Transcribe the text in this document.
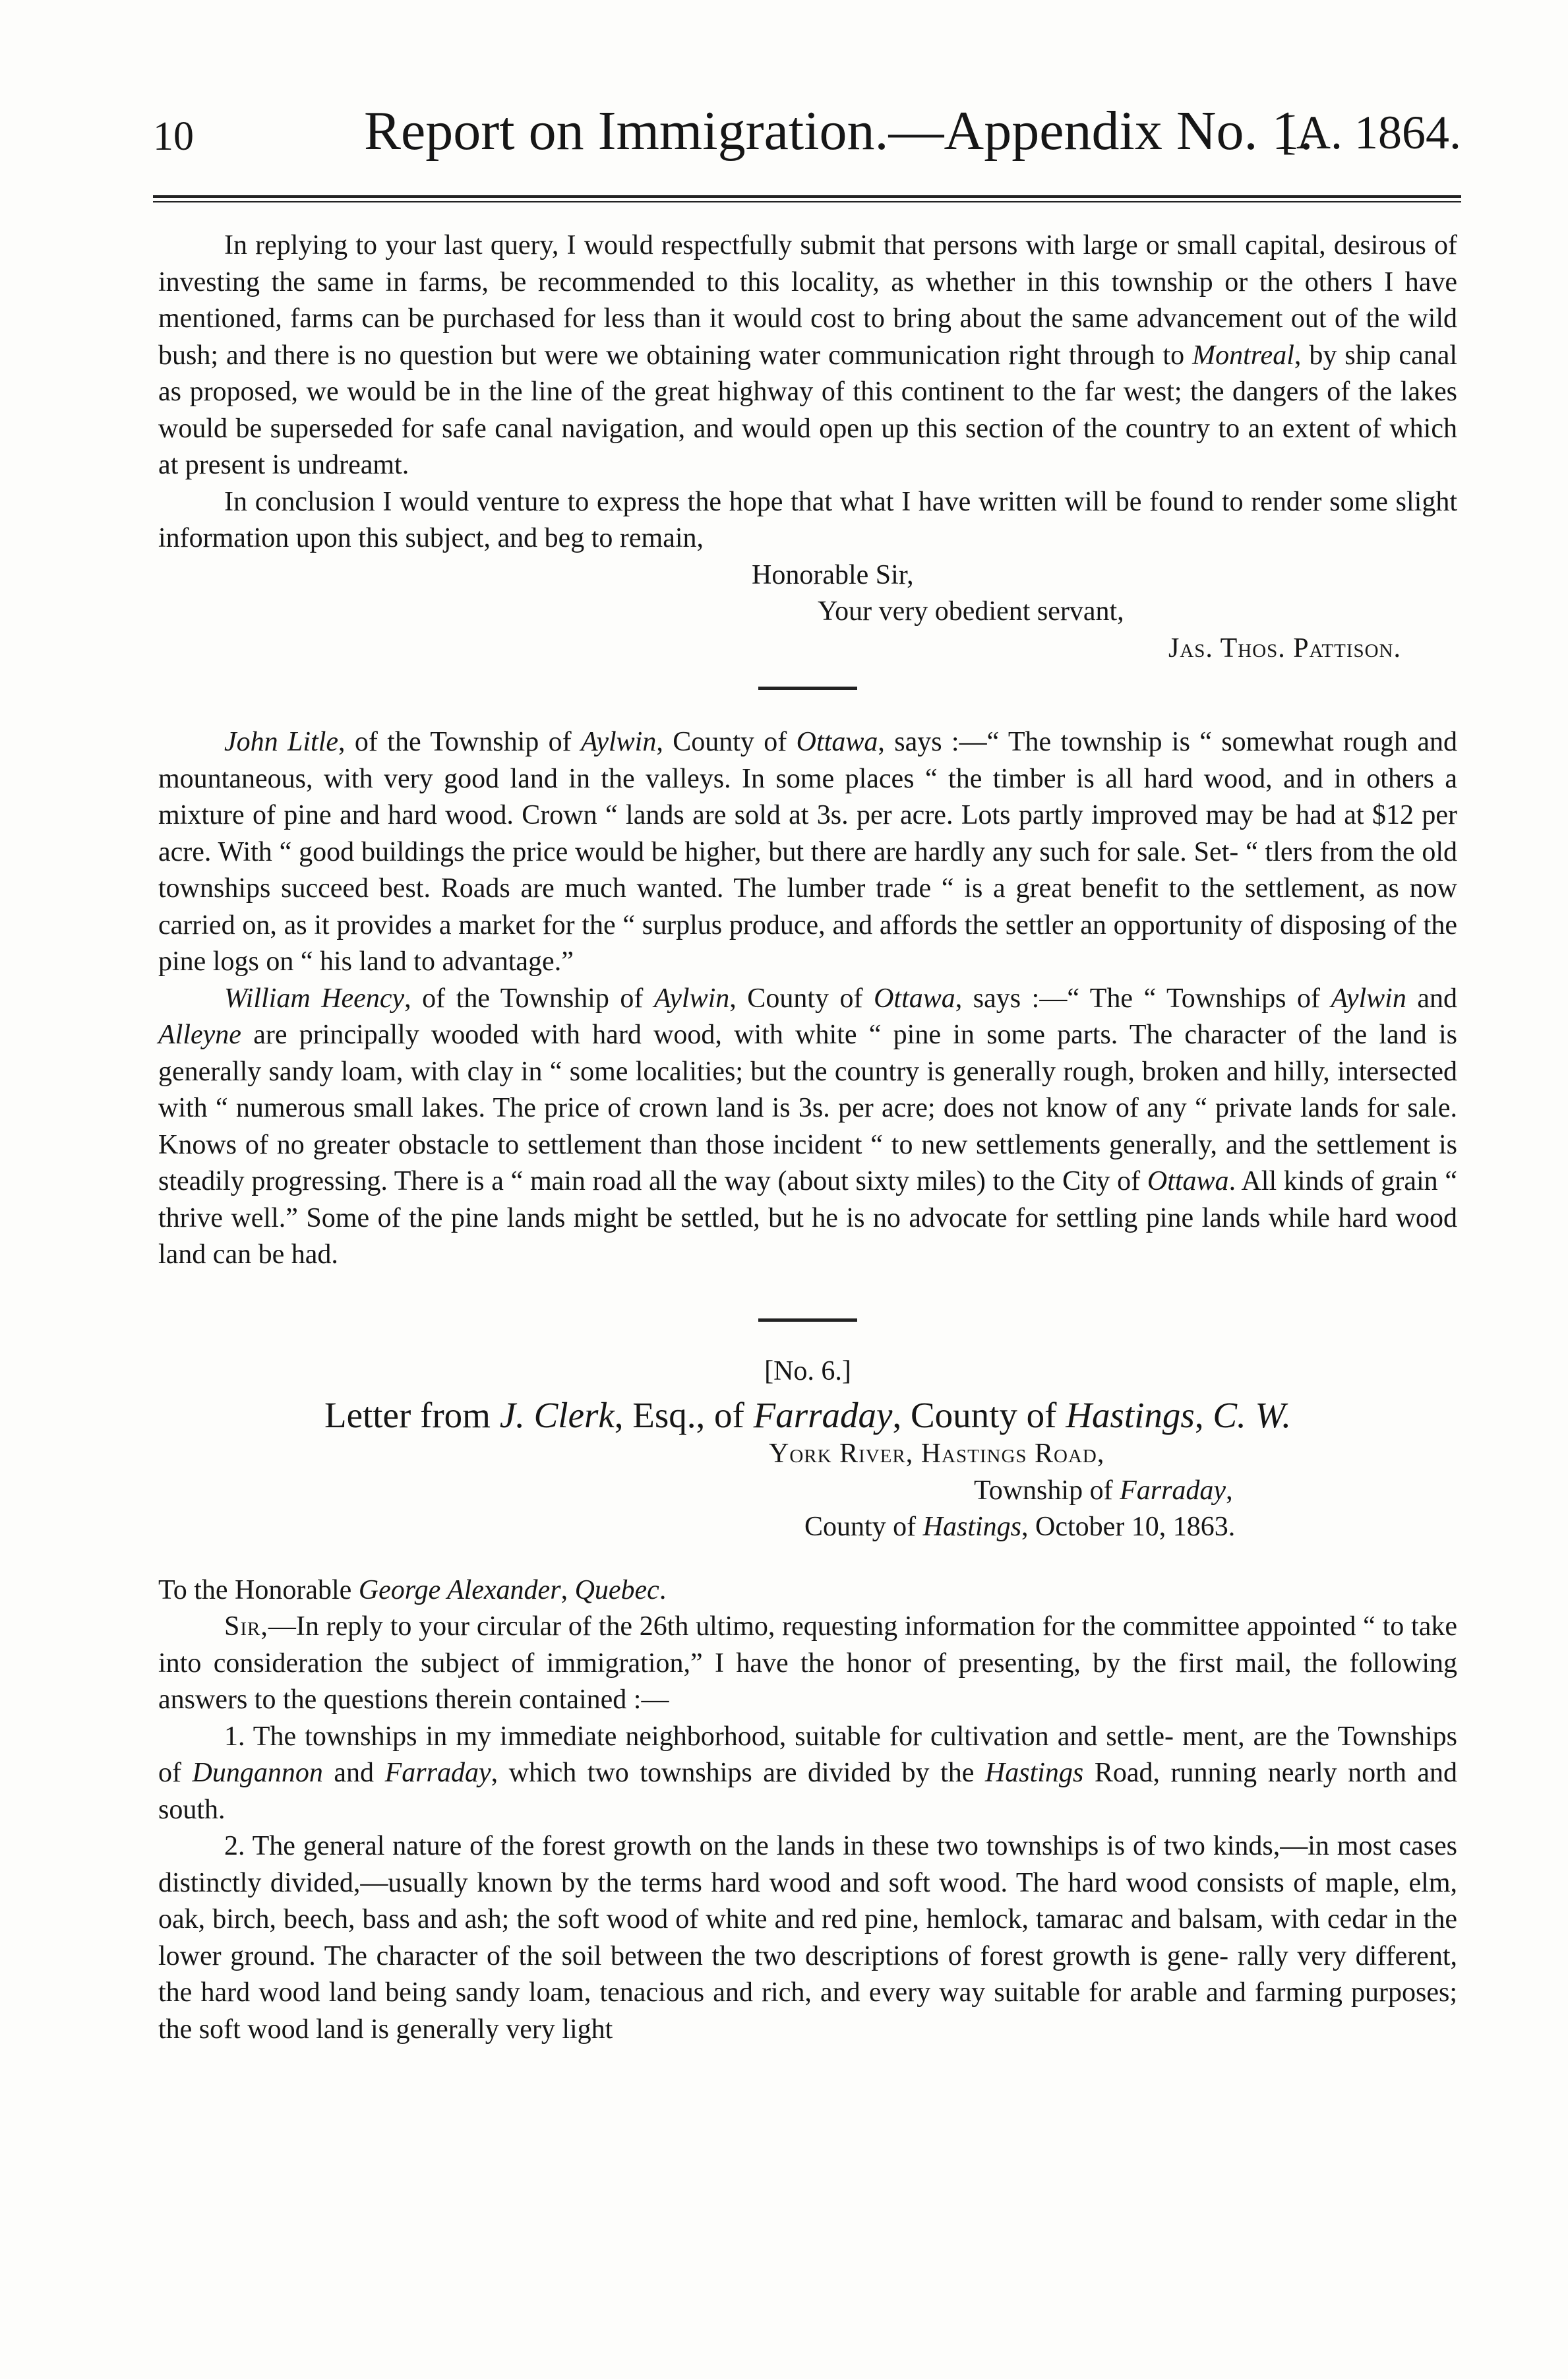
10	Report on Immigration.—Appendix No. 1.
[A. 1864.

In replying to your last query, I would respectfully submit that persons with large or small capital, desirous of investing the same in farms, be recommended to this locality, as whether in this township or the others I have mentioned, farms can be purchased for less than it would cost to bring about the same advancement out of the wild bush; and there is no question but were we obtaining water communication right through to Montreal, by ship canal as proposed, we would be in the line of the great highway of this continent to the far west; the dangers of the lakes would be superseded for safe canal navigation, and would open up this section of the country to an extent of which at present is undreamt.

In conclusion I would venture to express the hope that what I have written will be found to render some slight information upon this subject, and beg to remain,

Honorable Sir,

Your very obedient servant,

Jas. Thos. Pattison.

John Litle, of the Township of Aylwin, County of Ottawa, says :—“ The township is “ somewhat rough and mountaneous, with very good land in the valleys. In some places “ the timber is all hard wood, and in others a mixture of pine and hard wood. Crown “ lands are sold at 3s. per acre. Lots partly improved may be had at $12 per acre. With “ good buildings the price would be higher, but there are hardly any such for sale. Set- “ tlers from the old townships succeed best. Roads are much wanted. The lumber trade “ is a great benefit to the settlement, as now carried on, as it provides a market for the “ surplus produce, and affords the settler an opportunity of disposing of the pine logs on “ his land to advantage.”

William Heency, of the Township of Aylwin, County of Ottawa, says :—“ The “ Townships of Aylwin and Alleyne are principally wooded with hard wood, with white “ pine in some parts. The character of the land is generally sandy loam, with clay in “ some localities; but the country is generally rough, broken and hilly, intersected with “ numerous small lakes. The price of crown land is 3s. per acre; does not know of any “ private lands for sale. Knows of no greater obstacle to settlement than those incident “ to new settlements generally, and the settlement is steadily progressing. There is a “ main road all the way (about sixty miles) to the City of Ottawa. All kinds of grain “ thrive well.” Some of the pine lands might be settled, but he is no advocate for settling pine lands while hard wood land can be had.

[No. 6.]

Letter from J. Clerk, Esq., of Farraday, County of Hastings, C. W.

York River, Hastings Road,

Township of Farraday,

County of Hastings, October 10, 1863.

To the Honorable George Alexander, Quebec.

Sir,—In reply to your circular of the 26th ultimo, requesting information for the committee appointed “ to take into consideration the subject of immigration,” I have the honor of presenting, by the first mail, the following answers to the questions therein contained :—

1. The townships in my immediate neighborhood, suitable for cultivation and settle- ment, are the Townships of Dungannon and Farraday, which two townships are divided by the Hastings Road, running nearly north and south.

2. The general nature of the forest growth on the lands in these two townships is of two kinds,—in most cases distinctly divided,—usually known by the terms hard wood and soft wood. The hard wood consists of maple, elm, oak, birch, beech, bass and ash; the soft wood of white and red pine, hemlock, tamarac and balsam, with cedar in the lower ground. The character of the soil between the two descriptions of forest growth is gene- rally very different, the hard wood land being sandy loam, tenacious and rich, and every way suitable for arable and farming purposes; the soft wood land is generally very light
